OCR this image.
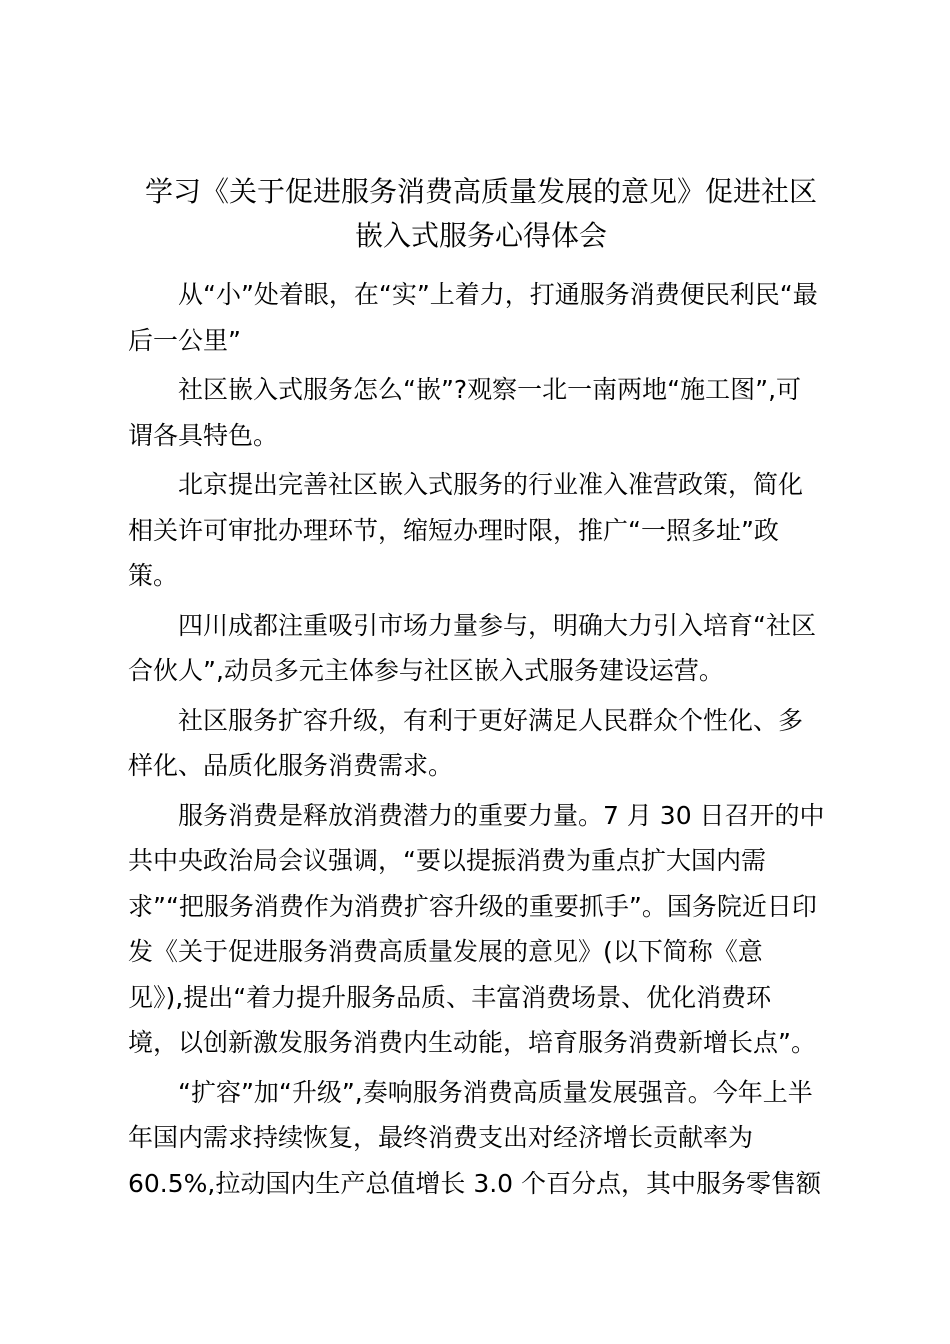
学习《关于促进服务消费高质量发展的意见》促进社区
嵌入式服务心得体会

从“小”处着眼，在“实”上着力，打通服务消费便民利民“最
后一公里”

社区嵌入式服务怎么“嵌”?观察一北一南两地“施工图”,可
谓各具特色。

北京提出完善社区嵌入式服务的行业准入准营政策，简化
相关许可审批办理环节，缩短办理时限，推广“一照多址”政
策。

四川成都注重吸引市场力量参与，明确大力引入培育“社区
合伙人”,动员多元主体参与社区嵌入式服务建设运营。

社区服务扩容升级，有利于更好满足人民群众个性化、多
样化、品质化服务消费需求。

服务消费是释放消费潜力的重要力量。7 月 30 日召开的中
共中央政治局会议强调，“要以提振消费为重点扩大国内需
求”“把服务消费作为消费扩容升级的重要抓手”。国务院近日印
发《关于促进服务消费高质量发展的意见》(以下简称《意
见》),提出“着力提升服务品质、丰富消费场景、优化消费环
境，以创新激发服务消费内生动能，培育服务消费新增长点”。

“扩容”加“升级”,奏响服务消费高质量发展强音。今年上半
年国内需求持续恢复，最终消费支出对经济增长贡献率为
60.5%,拉动国内生产总值增长 3.0 个百分点，其中服务零售额
